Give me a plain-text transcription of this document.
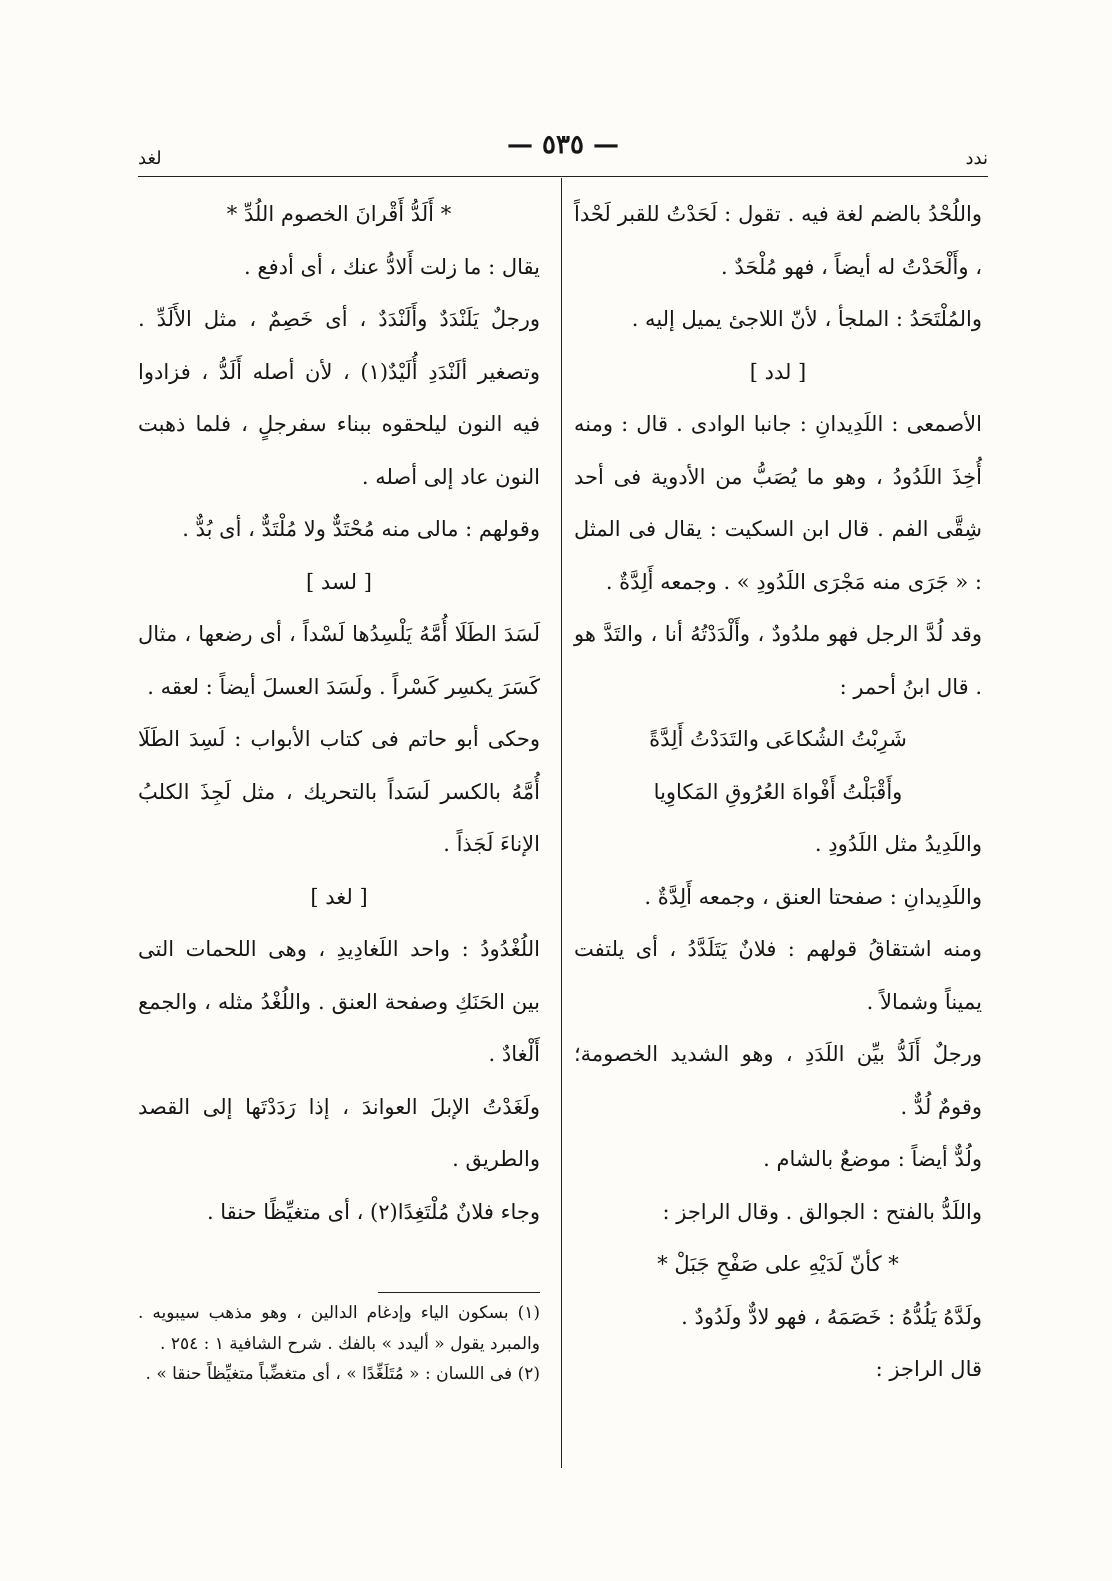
ندد
— ٥٣٥ —
لغد

واللُحْدُ بالضم لغة فيه . تقول : لَحَدْتُ للقبر لَحْداً ، وأَلْحَدْتُ له أيضاً ، فهو مُلْحَدٌ .

والمُلْتَحَدُ : الملجأ ، لأنّ اللاجئ يميل إليه .

[ لدد ]

الأصمعى : اللَدِيدانِ : جانبا الوادى . قال : ومنه أُخِذَ اللَدُودُ ، وهو ما يُصَبُّ من الأدوية فى أحد شِقَّى الفم . قال ابن السكيت : يقال فى المثل : « جَرَى منه مَجْرَى اللَدُودِ » . وجمعه أَلِدَّةٌ .

وقد لُدَّ الرجل فهو ملدُودٌ ، وأَلْدَدْتُهُ أنا ، والتَدَّ هو . قال ابنُ أحمر :

شَرِبْتُ الشُكاعَى والتَدَدْتُ أَلِدَّةً

وأَقْبَلْتُ أَفْواهَ العُرُوقِ المَكاوِيا

واللَدِيدُ مثل اللَدُودِ .

واللَدِيدانِ : صفحتا العنق ، وجمعه أَلِدَّةٌ .

ومنه اشتقاقُ قولهم : فلانٌ يَتَلَدَّدُ ، أى يلتفت يميناً وشمالاً .

ورجلٌ أَلَدُّ بيِّن اللَدَدِ ، وهو الشديد الخصومة؛ وقومٌ لُدٌّ .

ولُدٌّ أيضاً : موضعٌ بالشام .

واللَدُّ بالفتح : الجوالق . وقال الراجز :

* كأنّ لَدَيْهِ على صَفْحِ جَبَلْ *

ولَدَّهُ يَلُدُّهُ : خَصَمَهُ ، فهو لادٌّ ولَدُودٌ .

قال الراجز :

* أَلَدُّ أَقْرانَ الخصوم اللُدِّ *

يقال : ما زلت أَلادُّ عنك ، أى أدفع .

ورجلٌ يَلَنْدَدٌ وأَلَنْدَدٌ ، أى خَصِمٌ ، مثل الأَلَدِّ . وتصغير ألَنْدَدِ أُلَيْدٌ(١) ، لأن أصله أَلَدُّ ، فزادوا فيه النون ليلحقوه ببناء سفرجلٍ ، فلما ذهبت النون عاد إلى أصله .

وقولهم : مالى منه مُحْتَدٌّ ولا مُلْتَدٌّ ، أى بُدٌّ .

[ لسد ]

لَسَدَ الطَلَا أُمَّهُ يَلْسِدُها لَسْداً ، أى رضعها ، مثال كَسَرَ يكسِر كَسْراً . ولَسَدَ العسلَ أيضاً : لعقه .

وحكى أبو حاتم فى كتاب الأبواب : لَسِدَ الطَلَا أُمَّهُ بالكسر لَسَداً بالتحريك ، مثل لَجِذَ الكلبُ الإناءَ لَجَذاً .

[ لغد ]

اللُغْدُودُ : واحد اللَغادِيدِ ، وهى اللحمات التى بين الحَنَكِ وصفحة العنق . واللُغْدُ مثله ، والجمع أَلْغادٌ .

ولَغَدْتُ الإبلَ العواندَ ، إذا رَدَدْتَها إلى القصد والطريق .

وجاء فلانٌ مُلْتَغِدًا(٢) ، أى متغيِّظًا حنقا .

(١) بسكون الياء وإدغام الدالين ، وهو مذهب سيبويه . والمبرد يقول « أليدد » بالفك . شرح الشافية ١ : ٢٥٤ .

(٢) فى اللسان : « مُتَلَغِّدًا » ، أى متغضِّباً متغيِّظاً حنقا » .
